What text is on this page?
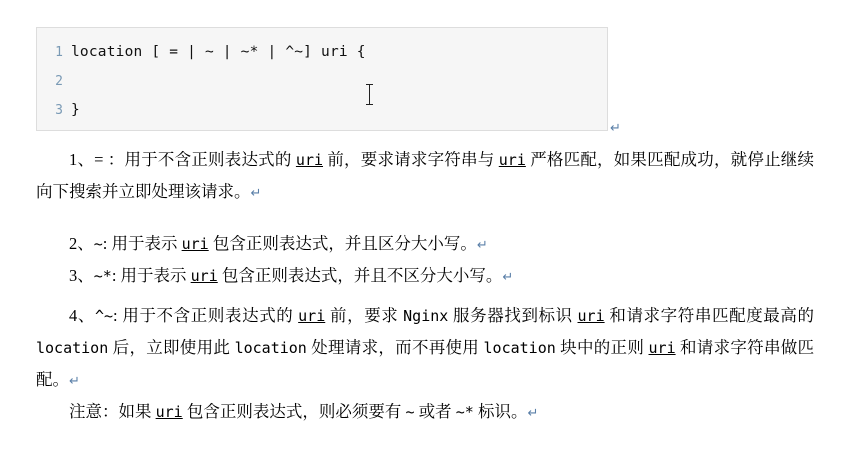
1 location [ = | ~ | ~* | ^~] uri {
2
3 }
↵
1、= ：用于不含正则表达式的 uri 前，要求请求字符串与 uri 严格匹配，如果匹配成功，就停止继续向下搜索并立即处理该请求。↵
2、~: 用于表示 uri 包含正则表达式，并且区分大小写。↵
3、~*: 用于表示 uri 包含正则表达式，并且不区分大小写。↵
4、^~: 用于不含正则表达式的 uri 前，要求 Nginx 服务器找到标识 uri 和请求字符串匹配度最高的 location 后，立即使用此 location 处理请求，而不再使用 location 块中的正则 uri 和请求字符串做匹配。↵
注意：如果 uri 包含正则表达式，则必须要有 ~ 或者 ~* 标识。↵
